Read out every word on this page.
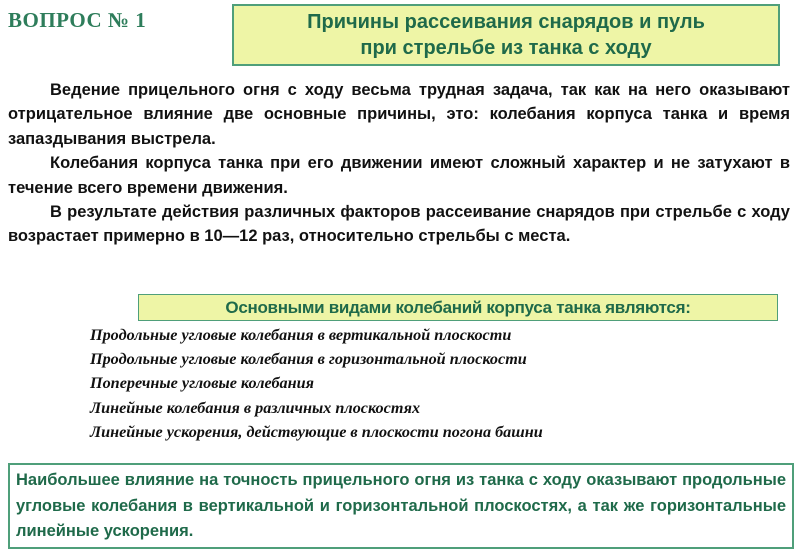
ВОПРОС № 1	Причины рассеивания снарядов и пуль
при стрельбе из танка с ходу

Ведение прицельного огня с ходу весьма трудная задача, так как на него оказывают отрицательное влияние две основные причины, это: колебания корпуса танка и время запаздывания выстрела.

Колебания корпуса танка при его движении имеют сложный характер и не затухают в течение всего времени движения.

В результате действия различных факторов рассеивание снарядов при стрельбе с ходу возрастает примерно в 10—12 раз, относительно стрельбы с места.

Основными видами колебаний корпуса танка являются:
Продольные угловые колебания в вертикальной плоскости
Продольные угловые колебания в горизонтальной плоскости
Поперечные угловые колебания
Линейные колебания в различных плоскостях
Линейные ускорения, действующие в плоскости погона башни
Наибольшее влияние на точность прицельного огня из танка с ходу оказывают продольные угловые колебания в вертикальной и горизонтальной плоскостях, а так же горизонтальные линейные ускорения.
